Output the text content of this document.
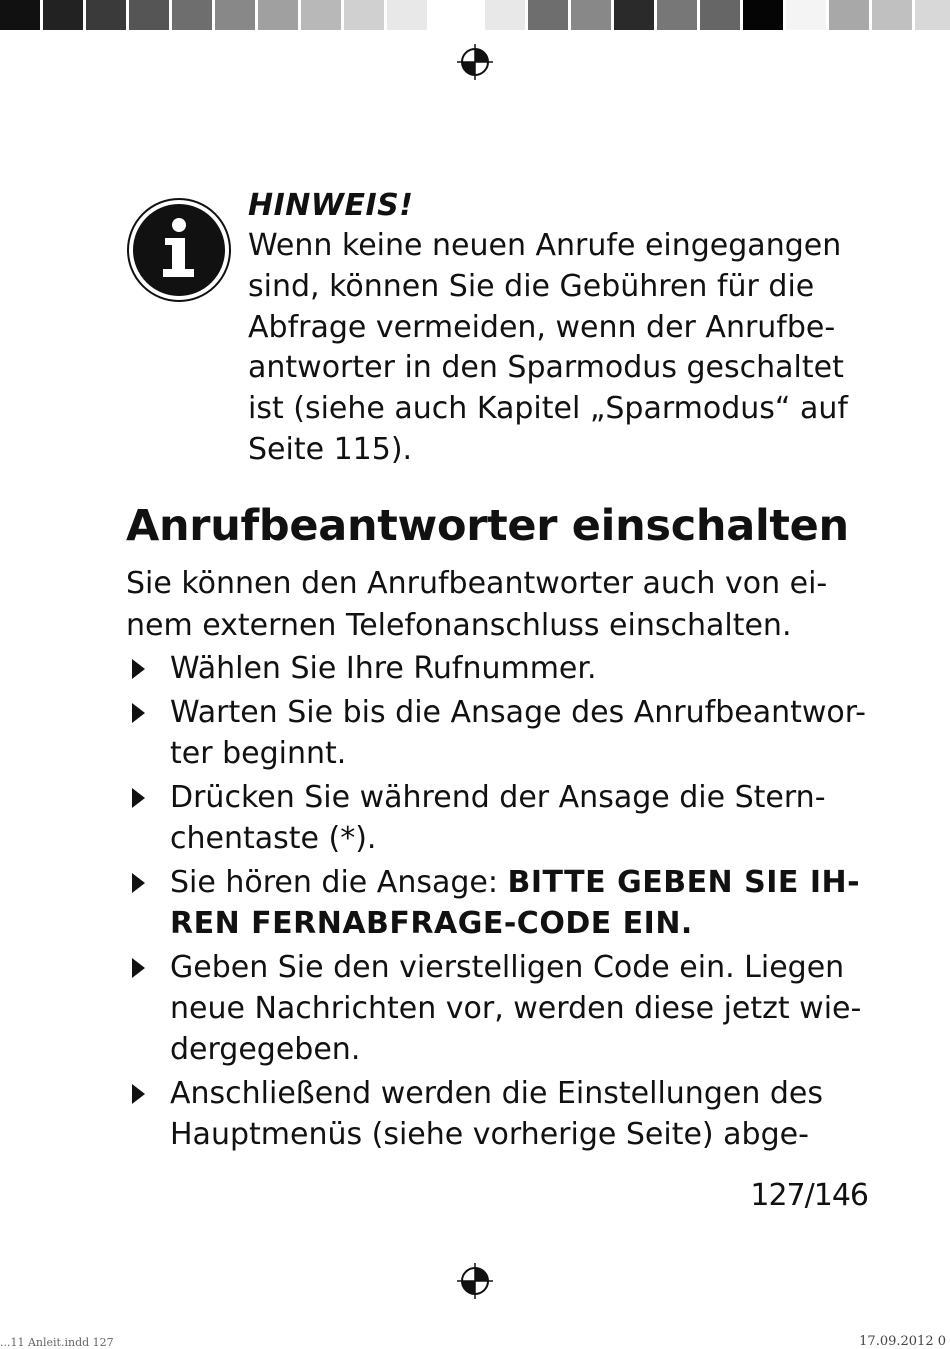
HINWEIS!

Wenn keine neuen Anrufe eingegangen

sind, können Sie die Gebühren für die

Abfrage vermeiden, wenn der Anrufbe-

antworter in den Sparmodus geschaltet

ist (siehe auch Kapitel „Sparmodus“ auf

Seite 115).

Anrufbeantworter einschalten

Sie können den Anrufbeantworter auch von ei-

nem externen Telefonanschluss einschalten.

Wählen Sie Ihre Rufnummer.

Warten Sie bis die Ansage des Anrufbeantwor-

ter beginnt.

Drücken Sie während der Ansage die Stern-

chentaste (*).

Sie hören die Ansage: BITTE GEBEN SIE IH-

REN FERNABFRAGE-CODE EIN.

Geben Sie den vierstelligen Code ein. Liegen

neue Nachrichten vor, werden diese jetzt wie-

dergegeben.

Anschließend werden die Einstellungen des

Hauptmenüs (siehe vorherige Seite) abge-

127/146

...11 Anleit.indd 127	17.09.2012 0
